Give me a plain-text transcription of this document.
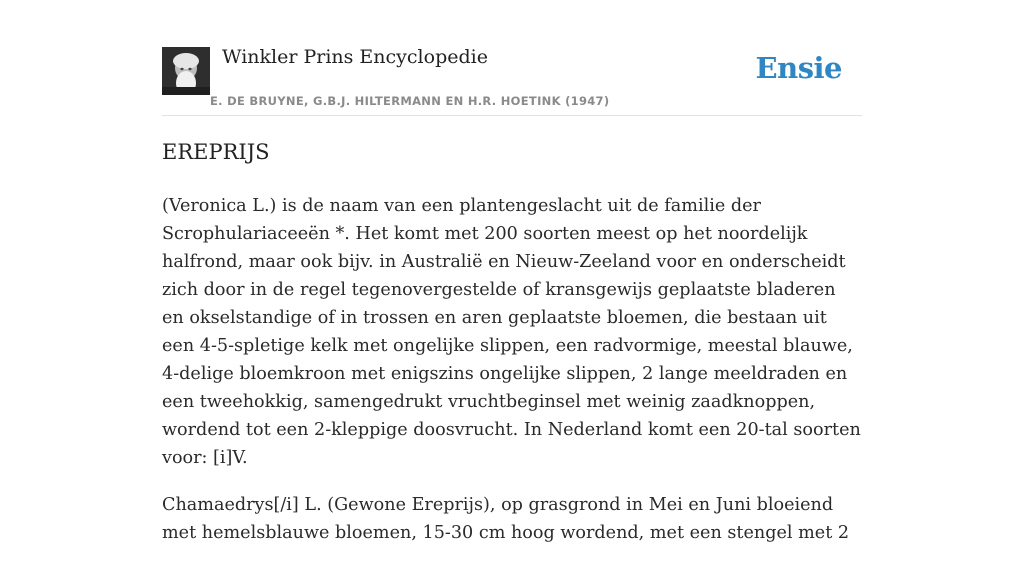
Winkler Prins Encyclopedie
E. DE BRUYNE, G.B.J. HILTERMANN EN H.R. HOETINK (1947)
Ensie
EREPRIJS

(Veronica L.) is de naam van een plantengeslacht uit de familie der Scrophulariaceeën *. Het komt met 200 soorten meest op het noordelijk halfrond, maar ook bijv. in Australië en Nieuw-Zeeland voor en onderscheidt zich door in de regel tegenovergestelde of kransgewijs geplaatste bladeren en okselstandige of in trossen en aren geplaatste bloemen, die bestaan uit een 4-5-spletige kelk met ongelijke slippen, een radvormige, meestal blauwe, 4-delige bloemkroon met enigszins ongelijke slippen, 2 lange meeldraden en een tweehokkig, samengedrukt vruchtbeginsel met weinig zaadknoppen, wordend tot een 2-kleppige doosvrucht. In Nederland komt een 20-tal soorten voor: [i]V.

Chamaedrys[/i] L. (Gewone Ereprijs), op grasgrond in Mei en Juni bloeiend met hemelsblauwe bloemen, 15-30 cm hoog wordend, met een stengel met 2
